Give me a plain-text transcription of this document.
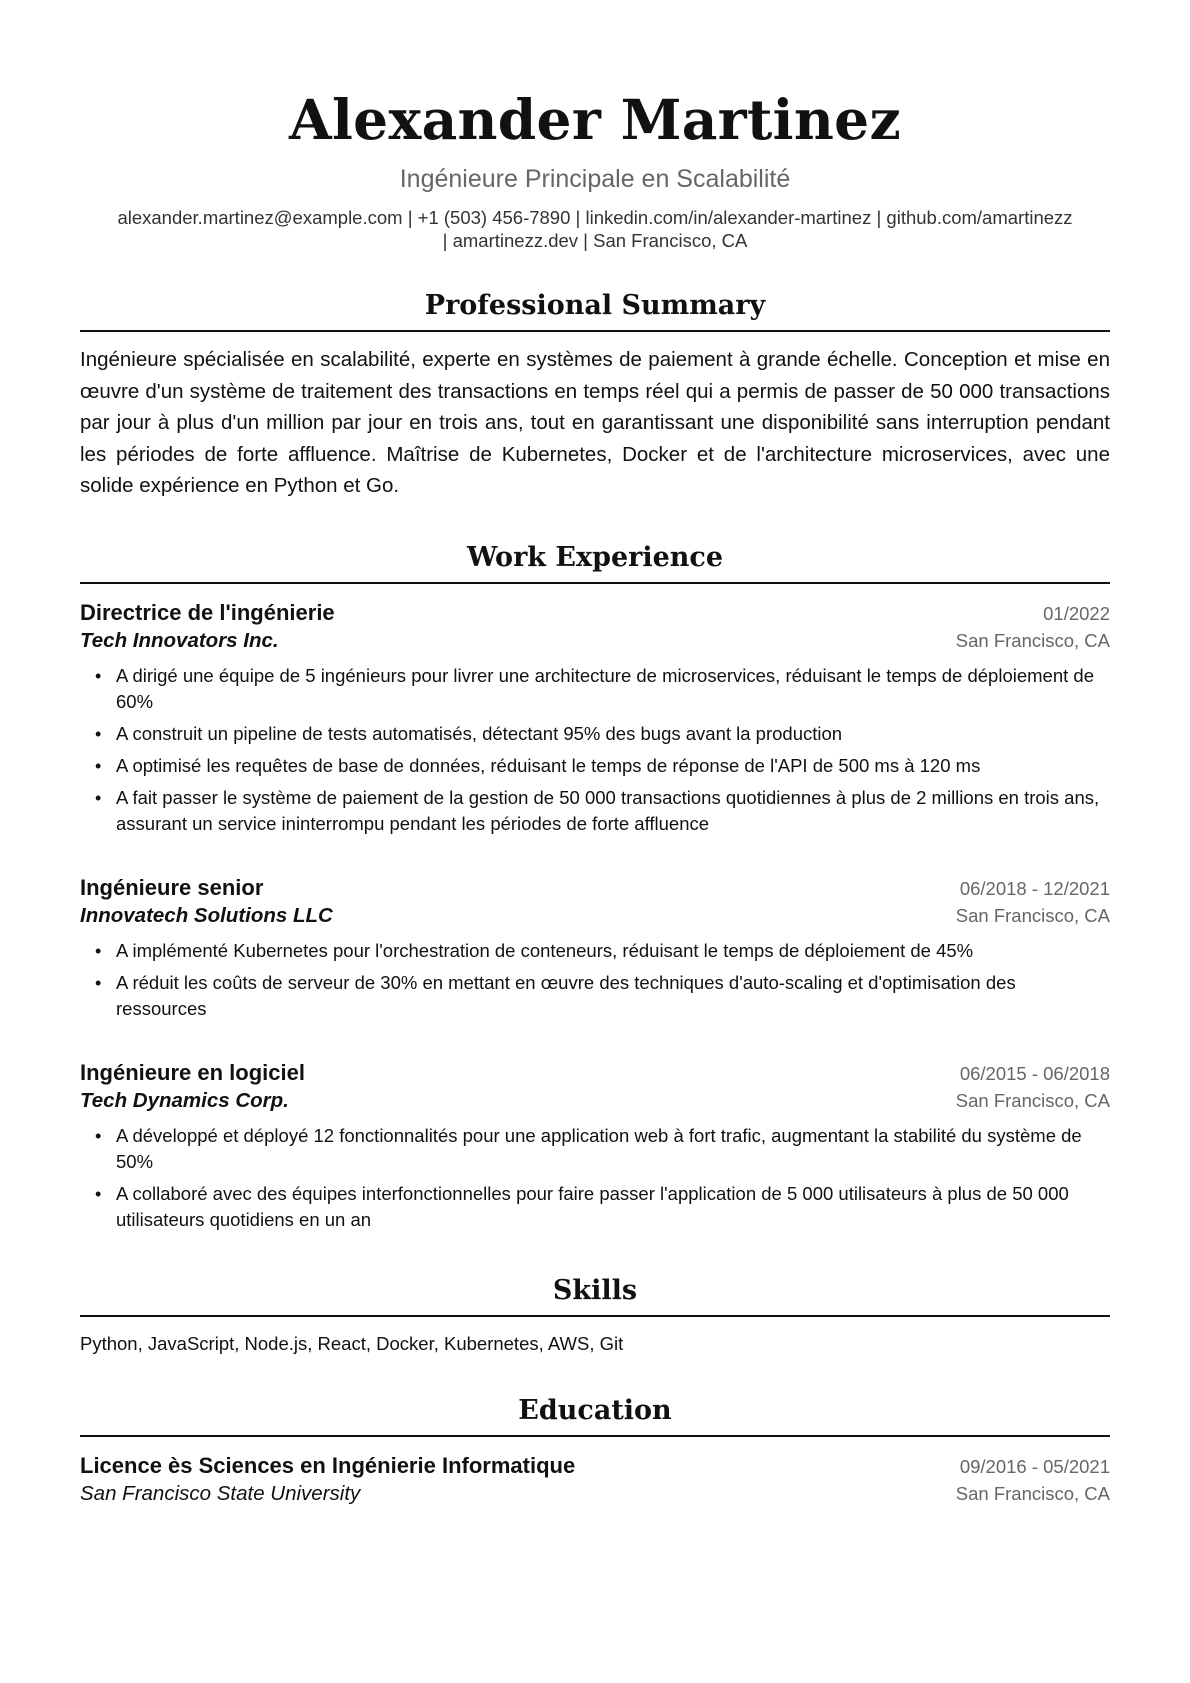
Alexander Martinez
Ingénieure Principale en Scalabilité
alexander.martinez@example.com | +1 (503) 456-7890 | linkedin.com/in/alexander-martinez | github.com/amartinezz
| amartinezz.dev | San Francisco, CA
Professional Summary
Ingénieure spécialisée en scalabilité, experte en systèmes de paiement à grande échelle. Conception et mise en œuvre d'un système de traitement des transactions en temps réel qui a permis de passer de 50 000 transactions par jour à plus d'un million par jour en trois ans, tout en garantissant une disponibilité sans interruption pendant les périodes de forte affluence. Maîtrise de Kubernetes, Docker et de l'architecture microservices, avec une solide expérience en Python et Go.
Work Experience
Directrice de l'ingénierie	01/2022
Tech Innovators Inc.	San Francisco, CA
• A dirigé une équipe de 5 ingénieurs pour livrer une architecture de microservices, réduisant le temps de déploiement de 60%
• A construit un pipeline de tests automatisés, détectant 95% des bugs avant la production
• A optimisé les requêtes de base de données, réduisant le temps de réponse de l'API de 500 ms à 120 ms
• A fait passer le système de paiement de la gestion de 50 000 transactions quotidiennes à plus de 2 millions en trois ans, assurant un service ininterrompu pendant les périodes de forte affluence
Ingénieure senior	06/2018 - 12/2021
Innovatech Solutions LLC	San Francisco, CA
• A implémenté Kubernetes pour l'orchestration de conteneurs, réduisant le temps de déploiement de 45%
• A réduit les coûts de serveur de 30% en mettant en œuvre des techniques d'auto-scaling et d'optimisation des ressources
Ingénieure en logiciel	06/2015 - 06/2018
Tech Dynamics Corp.	San Francisco, CA
• A développé et déployé 12 fonctionnalités pour une application web à fort trafic, augmentant la stabilité du système de 50%
• A collaboré avec des équipes interfonctionnelles pour faire passer l'application de 5 000 utilisateurs à plus de 50 000 utilisateurs quotidiens en un an
Skills
Python, JavaScript, Node.js, React, Docker, Kubernetes, AWS, Git
Education
Licence ès Sciences en Ingénierie Informatique	09/2016 - 05/2021
San Francisco State University	San Francisco, CA
